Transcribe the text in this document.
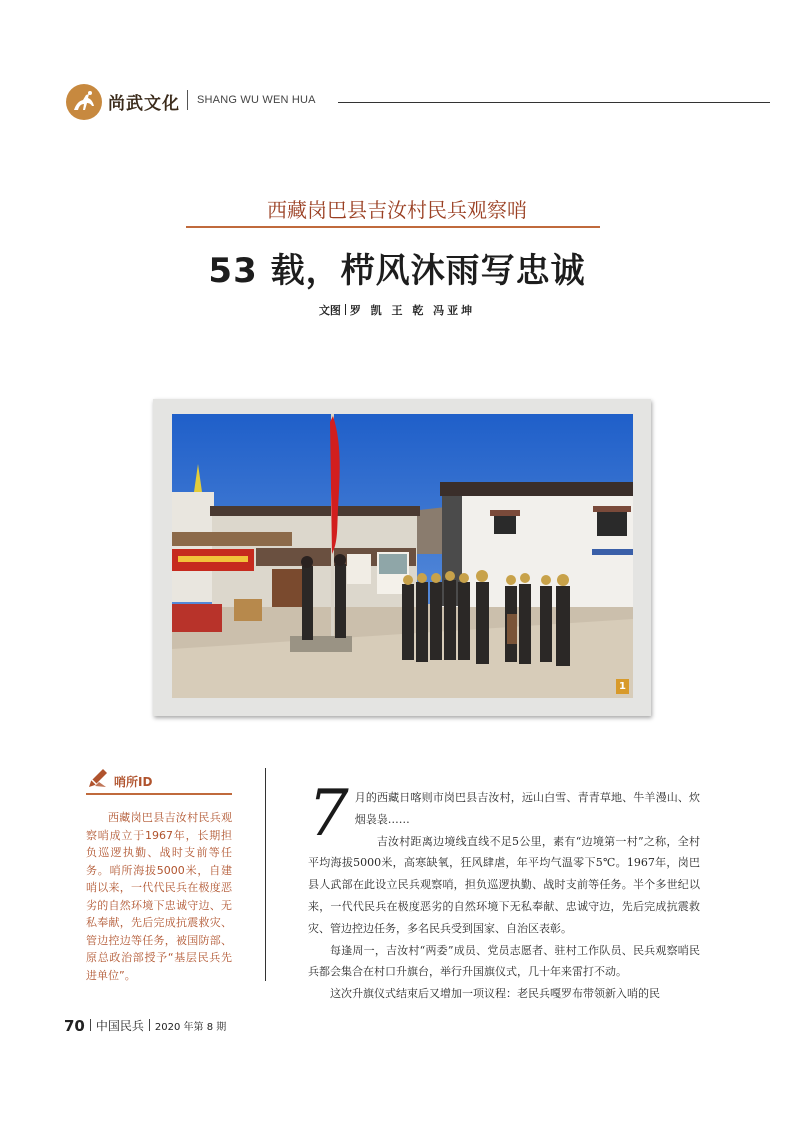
尚武文化 SHANG WU WEN HUA
西藏岗巴县吉汝村民兵观察哨
53 载，栉风沐雨写忠诚
文图 罗 凯 王 乾 冯亚坤
1
哨所ID
西藏岗巴县吉汝村民兵观察哨成立于1967年，长期担负巡逻执勤、战时支前等任务。哨所海拔5000米，自建哨以来，一代代民兵在极度恶劣的自然环境下忠诚守边、无私奉献，先后完成抗震救灾、管边控边等任务，被国防部、原总政治部授予“基层民兵先进单位”。

7 月的西藏日喀则市岗巴县吉汝村，远山白雪、青青草地、牛羊漫山、炊烟袅袅……

吉汝村距离边境线直线不足5公里，素有“边境第一村”之称，全村平均海拔5000米，高寒缺氧，狂风肆虐，年平均气温零下5℃。1967年，岗巴县人武部在此设立民兵观察哨，担负巡逻执勤、战时支前等任务。半个多世纪以来，一代代民兵在极度恶劣的自然环境下无私奉献、忠诚守边，先后完成抗震救灾、管边控边任务，多名民兵受到国家、自治区表彰。

每逢周一，吉汝村“两委”成员、党员志愿者、驻村工作队员、民兵观察哨民兵都会集合在村口升旗台，举行升国旗仪式，几十年来雷打不动。

这次升旗仪式结束后又增加一项议程：老民兵嘎罗布带领新入哨的民

70 中国民兵 2020 年第 8 期
